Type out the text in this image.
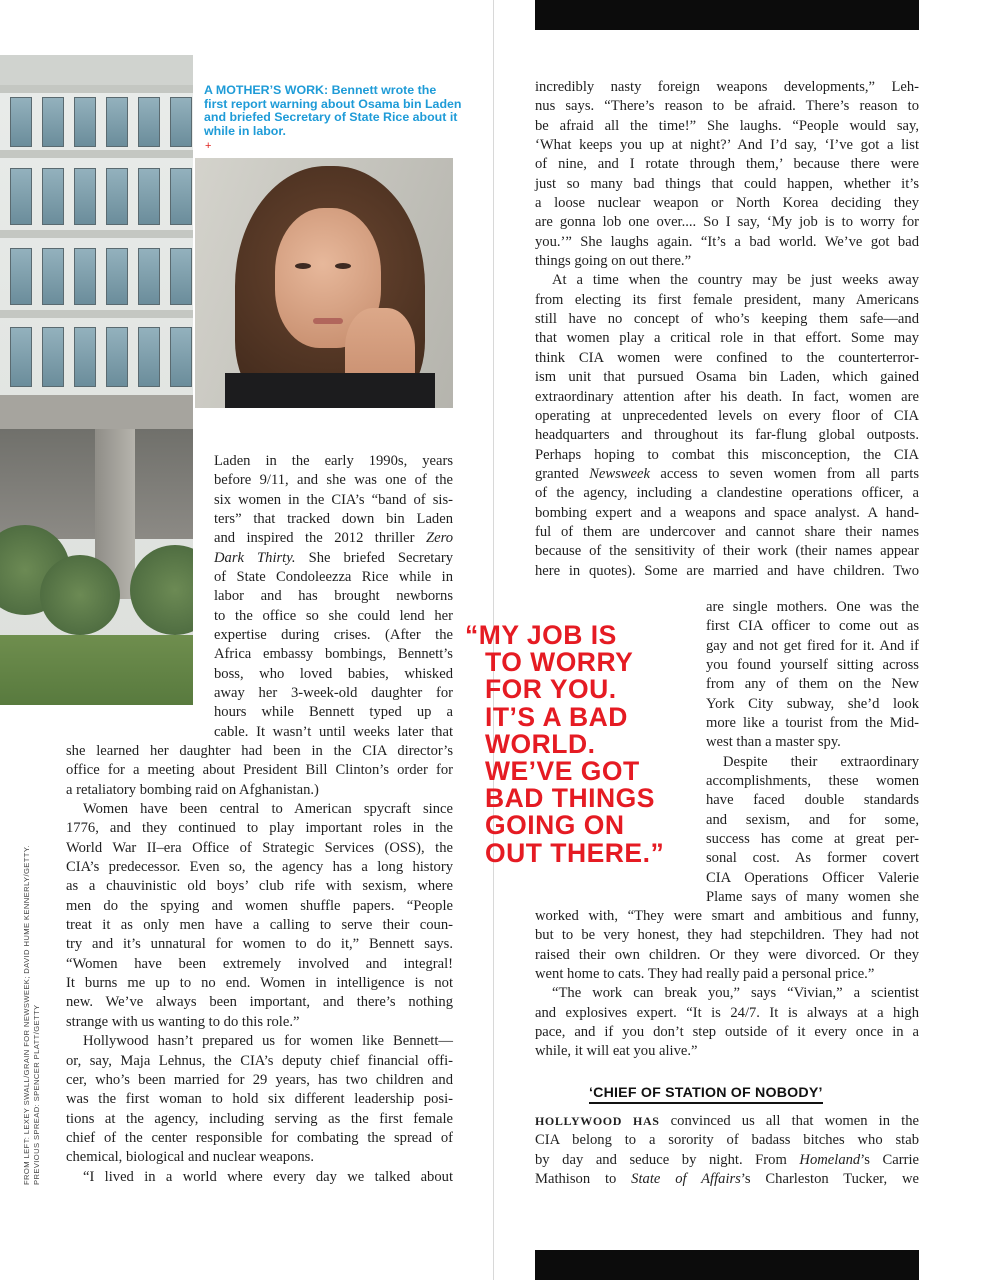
A MOTHER’S WORK: Bennett wrote the first report warning about Osama bin Laden and briefed Secretary of State Rice about it while in labor.

+
FROM LEFT: LEXEY SWALL/GRAIN FOR NEWSWEEK; DAVID HUME KENNERLY/GETTY. PREVIOUS SPREAD: SPENCER PLATT/GETTY
Laden in the early 1990s, years
before 9/11, and she was one of the
six women in the CIA’s “band of sis-
ters” that tracked down bin Laden
and inspired the 2012 thriller Zero
Dark Thirty. She briefed Secretary
of State Condoleezza Rice while in
labor and has brought newborns
to the office so she could lend her
expertise during crises. (After the
Africa embassy bombings, Bennett’s
boss, who loved babies, whisked
away her 3-week-old daughter for
hours while Bennett typed up a
cable. It wasn’t until weeks later that
she learned her daughter had been in the CIA director’s
office for a meeting about President Bill Clinton’s order for
a retaliatory bombing raid on Afghanistan.)
Women have been central to American spycraft since
1776, and they continued to play important roles in the
World War II–era Office of Strategic Services (OSS), the
CIA’s predecessor. Even so, the agency has a long history
as a chauvinistic old boys’ club rife with sexism, where
men do the spying and women shuffle papers. “People
treat it as only men have a calling to serve their coun-
try and it’s unnatural for women to do it,” Bennett says.
“Women have been extremely involved and integral!
It burns me up to no end. Women in intelligence is not
new. We’ve always been important, and there’s nothing
strange with us wanting to do this role.”
Hollywood hasn’t prepared us for women like Bennett—
or, say, Maja Lehnus, the CIA’s deputy chief financial offi-
cer, who’s been married for 29 years, has two children and
was the first woman to hold six different leadership posi-
tions at the agency, including serving as the first female
chief of the center responsible for combating the spread of
chemical, biological and nuclear weapons.
“I lived in a world where every day we talked about
“MY JOB IS
TO WORRY
FOR YOU.
IT’S A BAD
WORLD.
WE’VE GOT
BAD THINGS
GOING ON
OUT THERE.”
incredibly nasty foreign weapons developments,” Leh-
nus says. “There’s reason to be afraid. There’s reason to
be afraid all the time!” She laughs. “People would say,
‘What keeps you up at night?’ And I’d say, ‘I’ve got a list
of nine, and I rotate through them,’ because there were
just so many bad things that could happen, whether it’s
a loose nuclear weapon or North Korea deciding they
are gonna lob one over.... So I say, ‘My job is to worry for
you.’” She laughs again. “It’s a bad world. We’ve got bad
things going on out there.”
At a time when the country may be just weeks away
from electing its first female president, many Americans
still have no concept of who’s keeping them safe—and
that women play a critical role in that effort. Some may
think CIA women were confined to the counterterror-
ism unit that pursued Osama bin Laden, which gained
extraordinary attention after his death. In fact, women are
operating at unprecedented levels on every floor of CIA
headquarters and throughout its far-flung global outposts.
Perhaps hoping to combat this misconception, the CIA
granted Newsweek access to seven women from all parts
of the agency, including a clandestine operations officer, a
bombing expert and a weapons and space analyst. A hand-
ful of them are undercover and cannot share their names
because of the sensitivity of their work (their names appear
here in quotes). Some are married and have children. Two
are single mothers. One was the
first CIA officer to come out as
gay and not get fired for it. And if
you found yourself sitting across
from any of them on the New
York City subway, she’d look
more like a tourist from the Mid-
west than a master spy.
Despite their extraordinary
accomplishments, these women
have faced double standards
and sexism, and for some,
success has come at great per-
sonal cost. As former covert
CIA Operations Officer Valerie
Plame says of many women she
worked with, “They were smart and ambitious and funny,
but to be very honest, they had stepchildren. They had not
raised their own children. Or they were divorced. Or they
went home to cats. They had really paid a personal price.”
“The work can break you,” says “Vivian,” a scientist
and explosives expert. “It is 24/7. It is always at a high
pace, and if you don’t step outside of it every once in a
while, it will eat you alive.”
‘CHIEF OF STATION OF NOBODY’
HOLLYWOOD HAS convinced us all that women in the
CIA belong to a sorority of badass bitches who stab
by day and seduce by night. From Homeland’s Carrie
Mathison to State of Affairs’s Charleston Tucker, we
